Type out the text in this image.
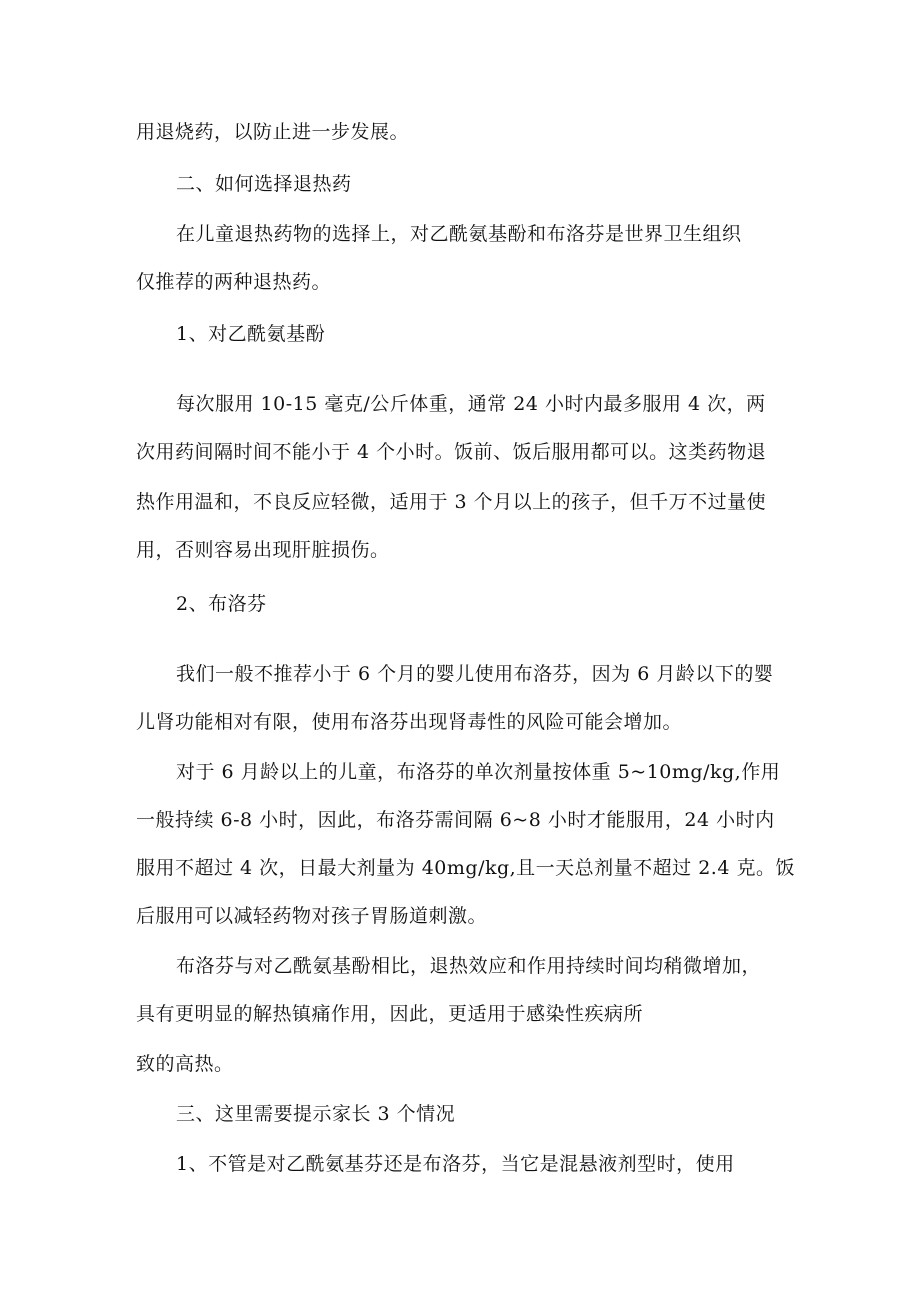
用退烧药，以防止进一步发展。
二、如何选择退热药
在儿童退热药物的选择上，对乙酰氨基酚和布洛芬是世界卫生组织
仅推荐的两种退热药。
1、对乙酰氨基酚
每次服用 10-15 毫克/公斤体重，通常 24 小时内最多服用 4 次，两
次用药间隔时间不能小于 4 个小时。饭前、饭后服用都可以。这类药物退
热作用温和，不良反应轻微，适用于 3 个月以上的孩子，但千万不过量使
用，否则容易出现肝脏损伤。
2、布洛芬
我们一般不推荐小于 6 个月的婴儿使用布洛芬，因为 6 月龄以下的婴
儿肾功能相对有限，使用布洛芬出现肾毒性的风险可能会增加。
对于 6 月龄以上的儿童，布洛芬的单次剂量按体重 5~10mg/kg,作用
一般持续 6-8 小时，因此，布洛芬需间隔 6~8 小时才能服用，24 小时内
服用不超过 4 次，日最大剂量为 40mg/kg,且一天总剂量不超过 2.4 克。饭
后服用可以减轻药物对孩子胃肠道刺激。
布洛芬与对乙酰氨基酚相比，退热效应和作用持续时间均稍微增加，
具有更明显的解热镇痛作用，因此，更适用于感染性疾病所
致的高热。
三、这里需要提示家长 3 个情况
1、不管是对乙酰氨基芬还是布洛芬，当它是混悬液剂型时，使用
